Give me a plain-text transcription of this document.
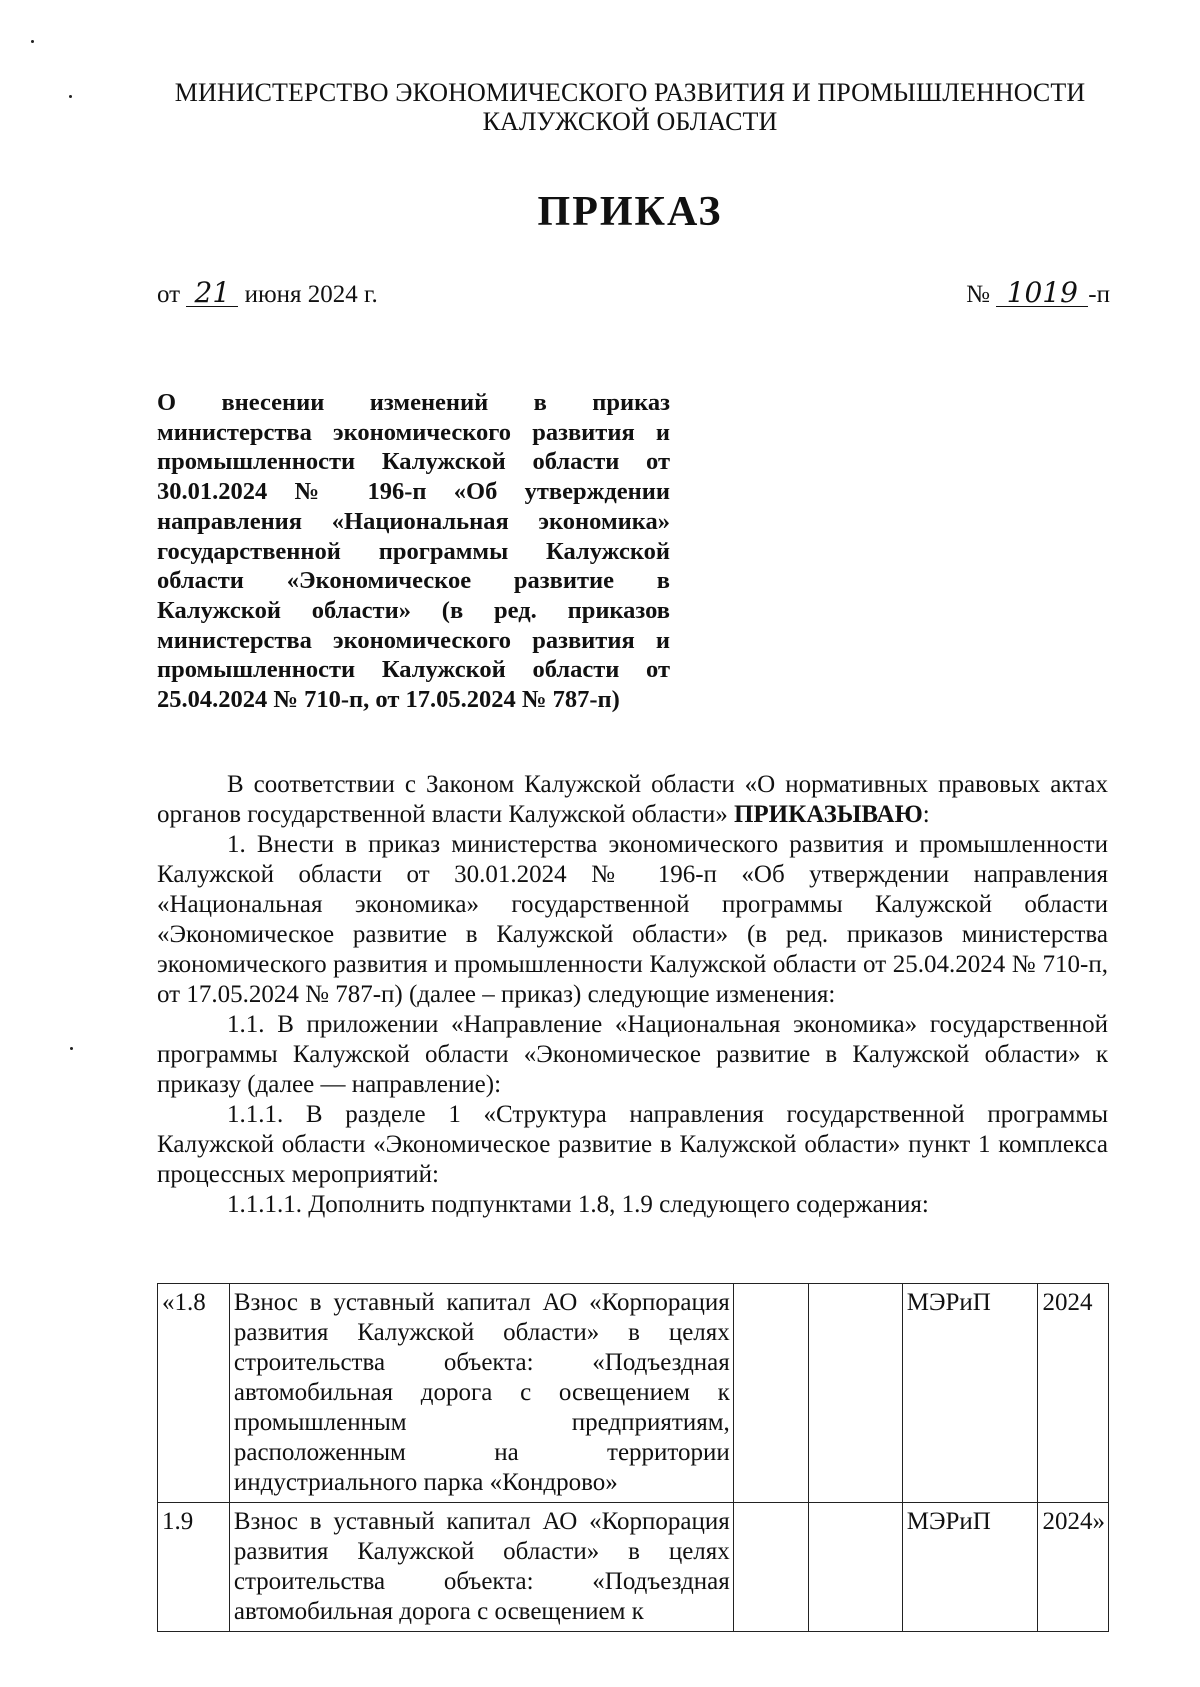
МИНИСТЕРСТВО ЭКОНОМИЧЕСКОГО РАЗВИТИЯ И ПРОМЫШЛЕННОСТИ
КАЛУЖСКОЙ ОБЛАСТИ
ПРИКАЗ
от 21 июня 2024 г.	№ 1019 -п
О внесении изменений в приказ министерства экономического развития и промышленности Калужской области от 30.01.2024 № 196-п «Об утверждении направления «Национальная экономика» государственной программы Калужской области «Экономическое развитие в Калужской области» (в ред. приказов министерства экономического развития и промышленности Калужской области от 25.04.2024 № 710-п, от 17.05.2024 № 787-п)

В соответствии с Законом Калужской области «О нормативных правовых актах органов государственной власти Калужской области» ПРИКАЗЫВАЮ:

1. Внести в приказ министерства экономического развития и промышленности Калужской области от 30.01.2024 № 196-п «Об утверждении направления «Национальная экономика» государственной программы Калужской области «Экономическое развитие в Калужской области» (в ред. приказов министерства экономического развития и промышленности Калужской области от 25.04.2024 № 710-п, от 17.05.2024 № 787-п) (далее – приказ) следующие изменения:

1.1. В приложении «Направление «Национальная экономика» государственной программы Калужской области «Экономическое развитие в Калужской области» к приказу (далее — направление):

1.1.1. В разделе 1 «Структура направления государственной программы Калужской области «Экономическое развитие в Калужской области» пункт 1 комплекса процессных мероприятий:

1.1.1.1. Дополнить подпунктами 1.8, 1.9 следующего содержания:

«1.8	Взнос в уставный капитал АО «Корпорация развития Калужской области» в целях строительства объекта: «Подъездная автомобильная дорога с освещением к промышленным предприятиям, расположенным на территории индустриального парка «Кондрово»			МЭРиП	2024
1.9	Взнос в уставный капитал АО «Корпорация развития Калужской области» в целях строительства объекта: «Подъездная автомобильная дорога с освещением к			МЭРиП	2024»
